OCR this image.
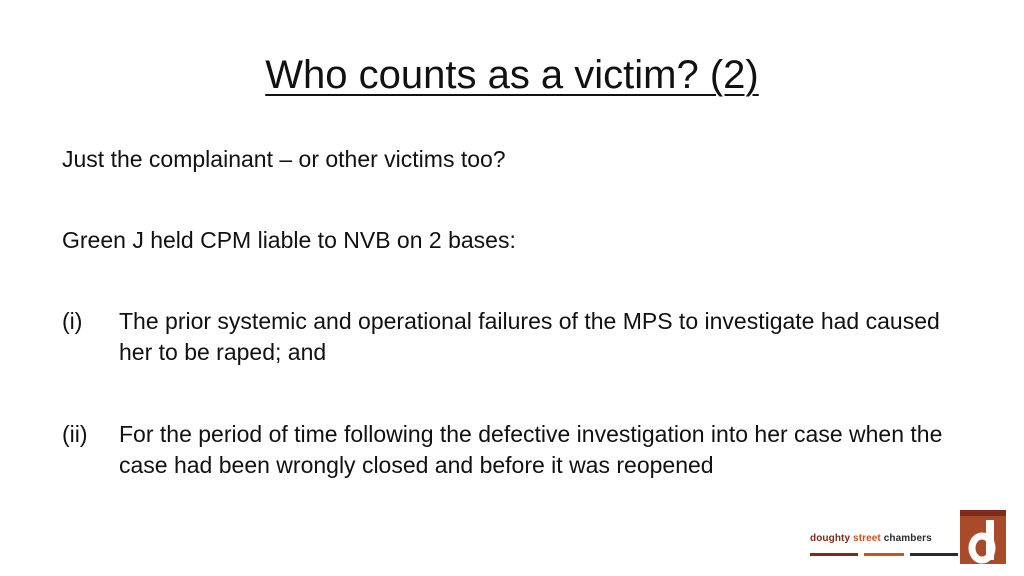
Who counts as a victim? (2)

Just the complainant – or other victims too?

Green J held CPM liable to NVB on 2 bases:

(i)	The prior systemic and operational failures of the MPS to investigate had caused her to be raped; and
(ii)	For the period of time following the defective investigation into her case when the case had been wrongly closed and before it was reopened
doughty street chambers
